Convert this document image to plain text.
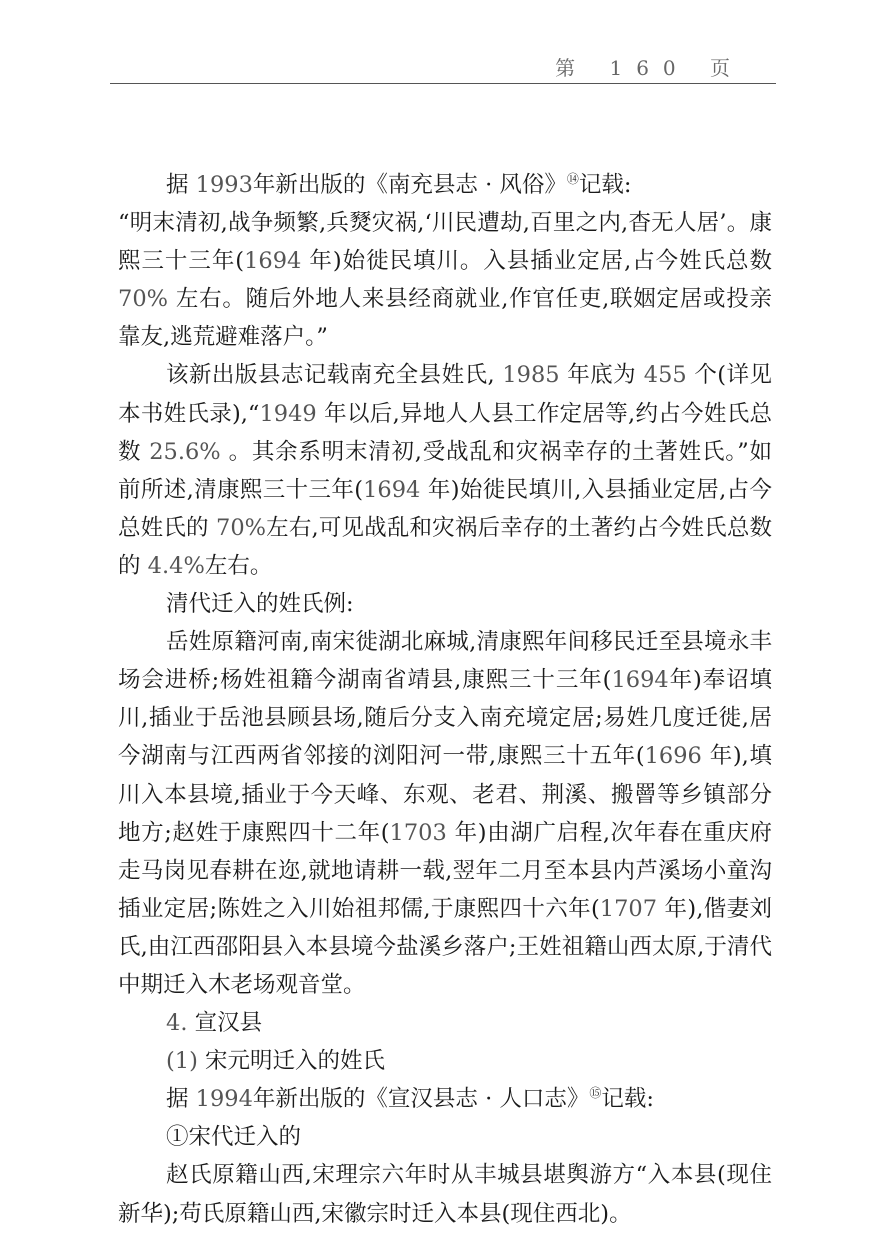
第 160 页

据 1993年新出版的《南充县志 · 风俗》⑭记载:

“明末清初,战争频繁,兵燹灾祸,‘川民遭劫,百里之内,杳无人居’。康熙三十三年(1694 年)始徙民填川。入县插业定居,占今姓氏总数 70% 左右。随后外地人来县经商就业,作官任吏,联姻定居或投亲靠友,逃荒避难落户。”

该新出版县志记载南充全县姓氏, 1985 年底为 455 个(详见本书姓氏录),“1949 年以后,异地人人县工作定居等,约占今姓氏总数 25.6% 。其余系明末清初,受战乱和灾祸幸存的土著姓氏。”如前所述,清康熙三十三年(1694 年)始徙民填川,入县插业定居,占今总姓氏的 70%左右,可见战乱和灾祸后幸存的土著约占今姓氏总数的 4.4%左右。

清代迁入的姓氏例:

岳姓原籍河南,南宋徙湖北麻城,清康熙年间移民迁至县境永丰场会进桥;杨姓祖籍今湖南省靖县,康熙三十三年(1694年)奉诏填川,插业于岳池县顾县场,随后分支入南充境定居;易姓几度迁徙,居今湖南与江西两省邻接的浏阳河一带,康熙三十五年(1696 年),填川入本县境,插业于今天峰、东观、老君、荆溪、搬罾等乡镇部分地方;赵姓于康熙四十二年(1703 年)由湖广启程,次年春在重庆府走马岗见春耕在迩,就地请耕一载,翌年二月至本县内芦溪场小童沟插业定居;陈姓之入川始祖邦儒,于康熙四十六年(1707 年),偕妻刘氏,由江西邵阳县入本县境今盐溪乡落户;王姓祖籍山西太原,于清代中期迁入木老场观音堂。

4. 宣汉县

(1) 宋元明迁入的姓氏

据 1994年新出版的《宣汉县志 · 人口志》⑮记载:

①宋代迁入的

赵氏原籍山西,宋理宗六年时从丰城县堪舆游方“入本县(现住新华);苟氏原籍山西,宋徽宗时迁入本县(现住西北)。
